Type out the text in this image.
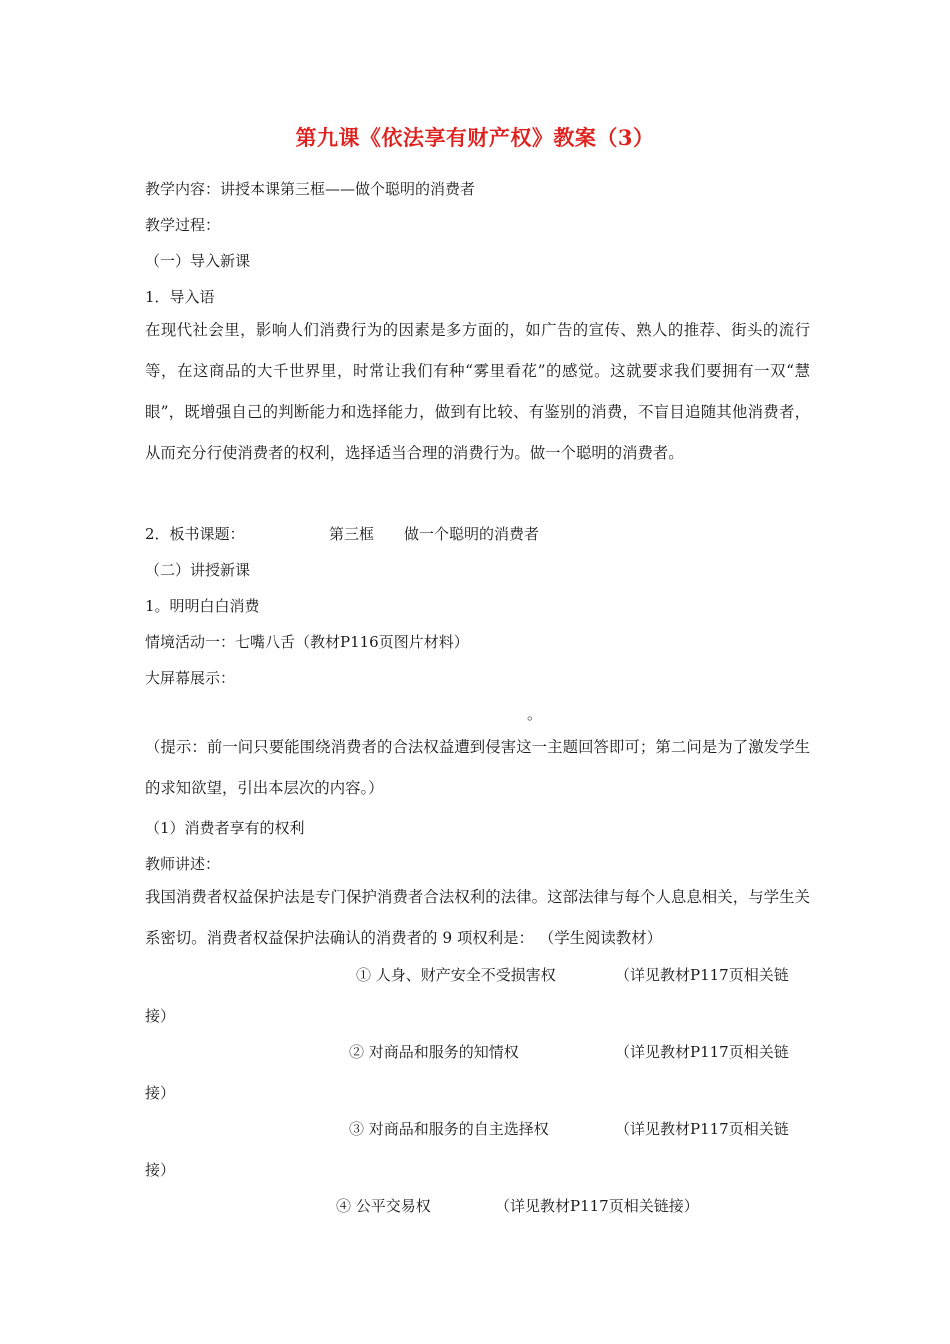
第九课《依法享有财产权》教案（3）
教学内容：讲授本课第三框——做个聪明的消费者
教学过程：
（一）导入新课
1．导入语
在现代社会里，影响人们消费行为的因素是多方面的，如广告的宣传、熟人的推荐、街头的流行等，在这商品的大千世界里，时常让我们有种“雾里看花”的感觉。这就要求我们要拥有一双“慧眼”，既增强自己的判断能力和选择能力，做到有比较、有鉴别的消费，不盲目追随其他消费者，从而充分行使消费者的权利，选择适当合理的消费行为。做一个聪明的消费者。
2．板书课题：	第三框 做一个聪明的消费者
（二）讲授新课
1。明明白白消费
情境活动一：七嘴八舌（教材P116页图片材料）
大屏幕展示：
。
（提示：前一问只要能围绕消费者的合法权益遭到侵害这一主题回答即可；第二问是为了激发学生的求知欲望，引出本层次的内容。）
（1）消费者享有的权利
教师讲述：
我国消费者权益保护法是专门保护消费者合法权利的法律。这部法律与每个人息息相关，与学生关系密切。消费者权益保护法确认的消费者的 9 项权利是： （学生阅读教材）
① 人身、财产安全不受损害权	（详见教材P117页相关链
接）
② 对商品和服务的知情权	（详见教材P117页相关链
接）
③ 对商品和服务的自主选择权	（详见教材P117页相关链
接）
④ 公平交易权	（详见教材P117页相关链接）
